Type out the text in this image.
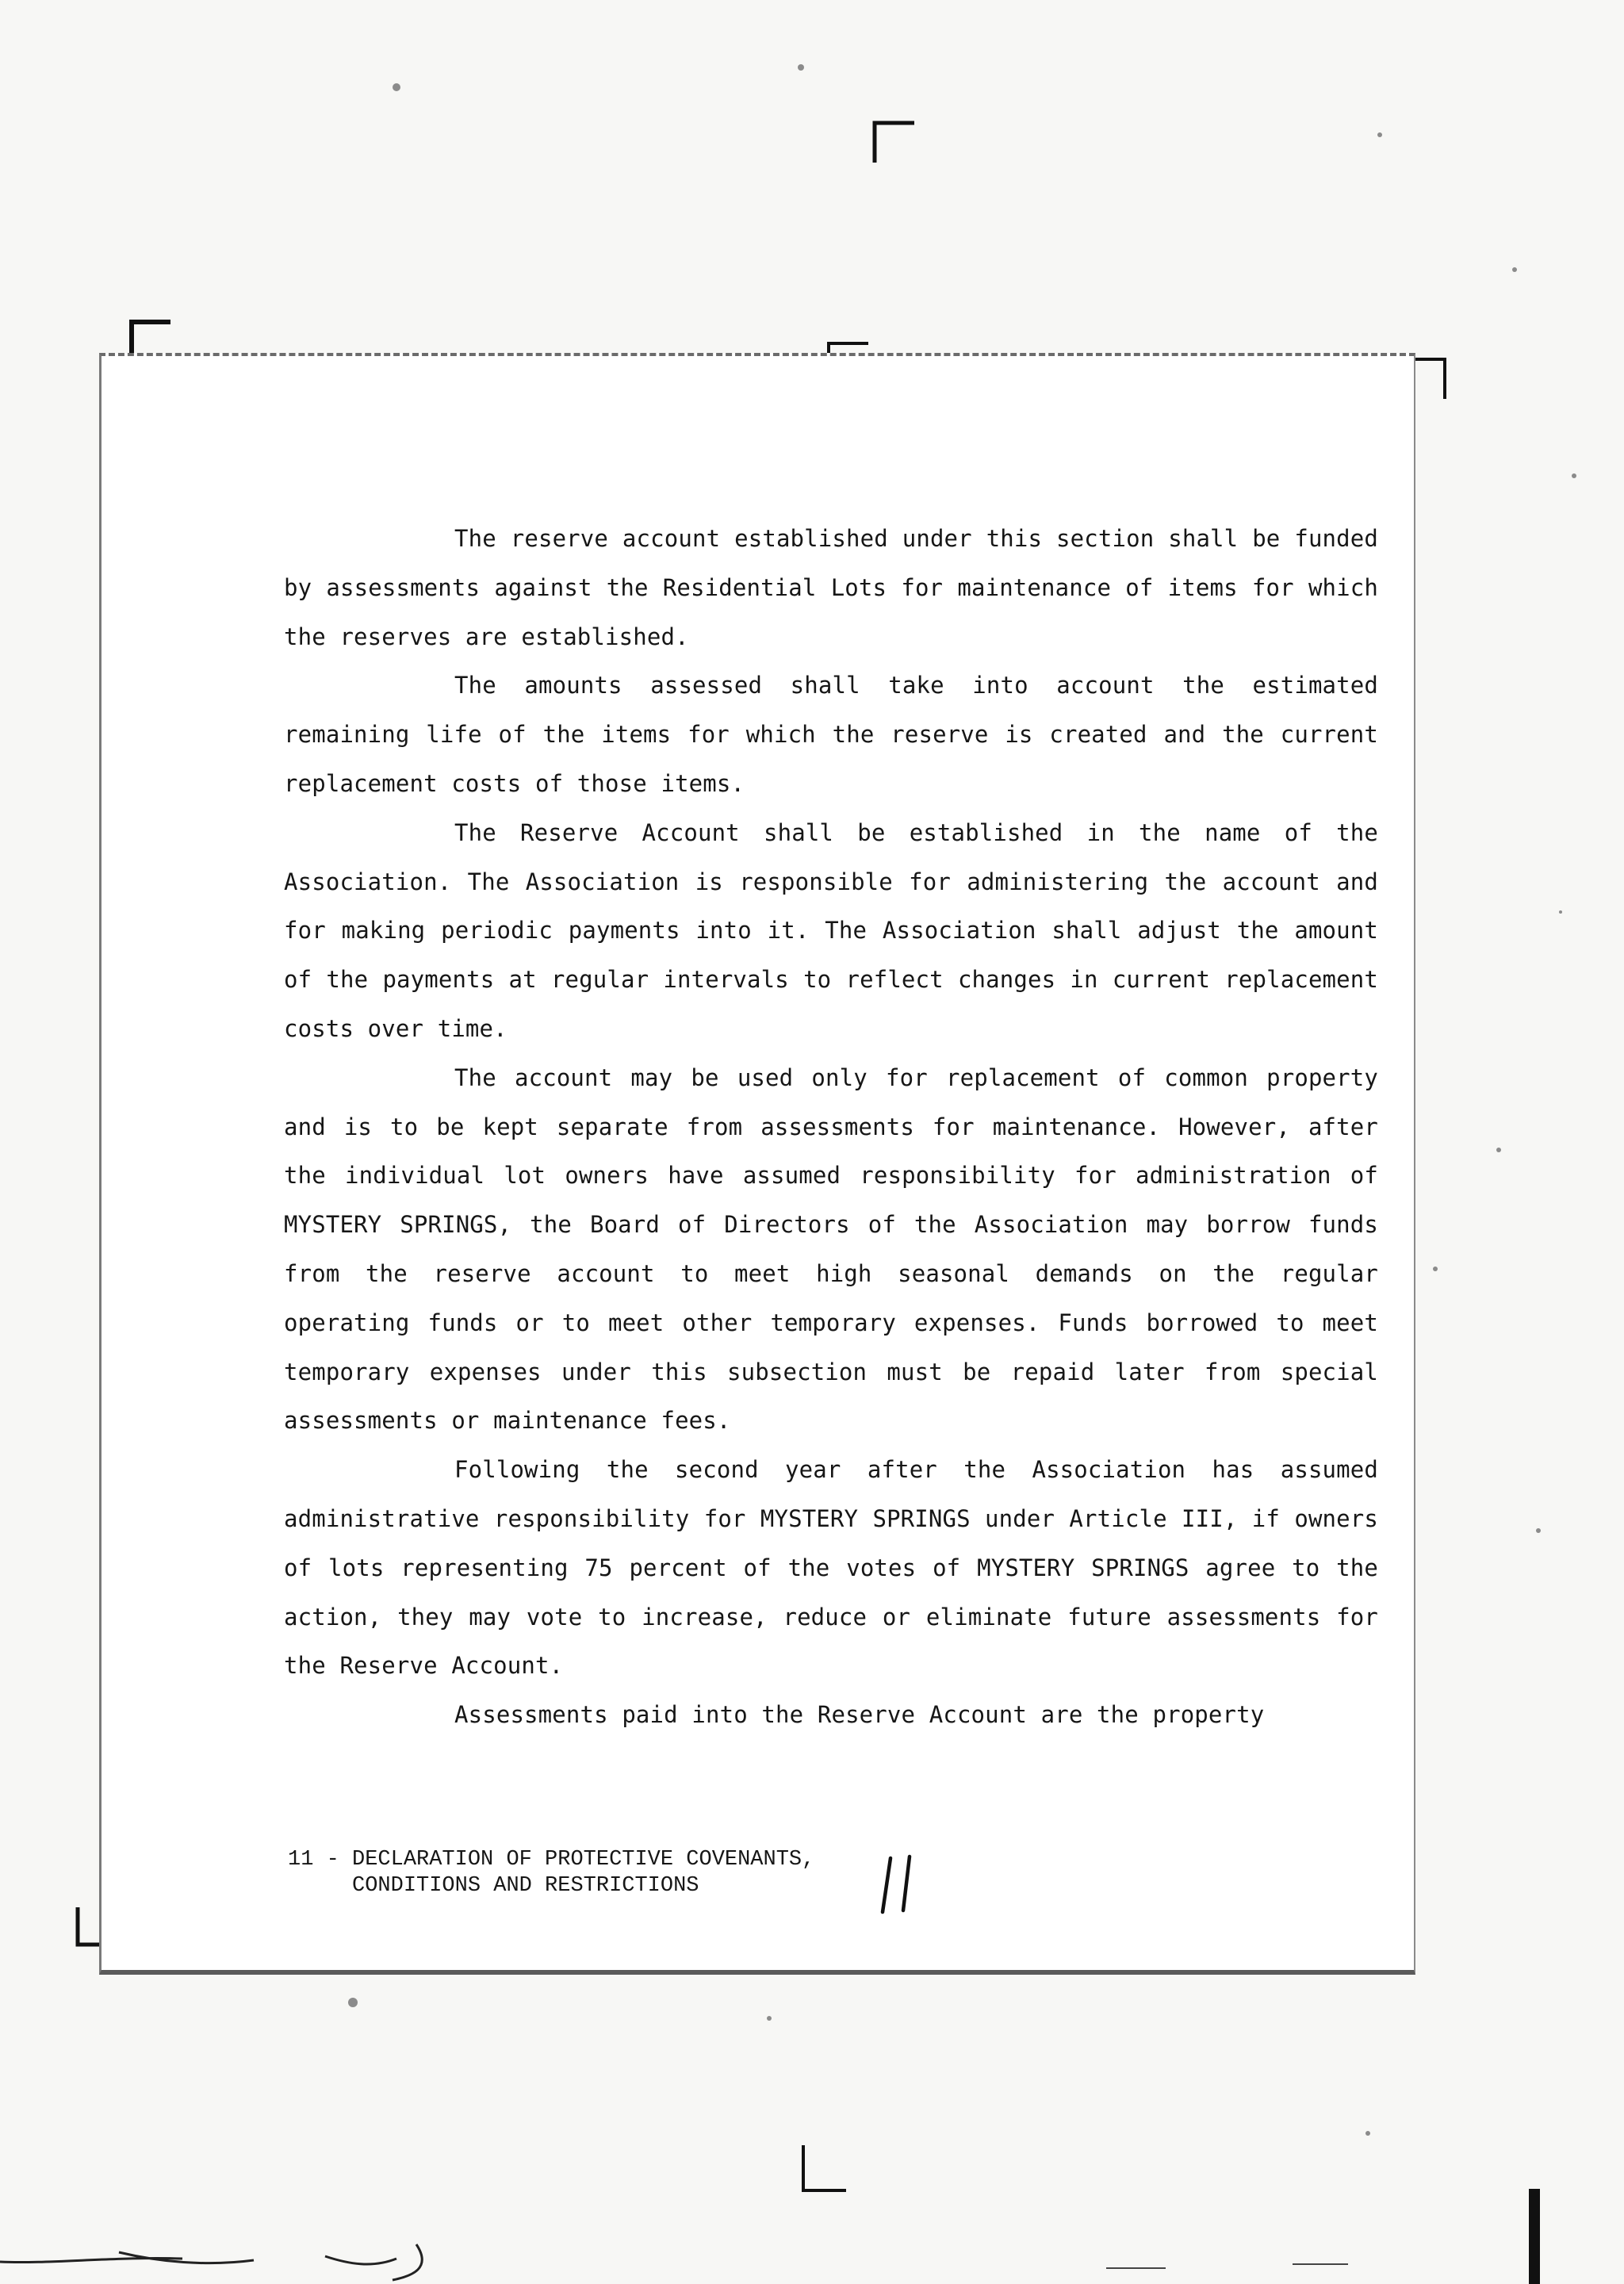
The reserve account established under this section shall be funded by assessments against the Residential Lots for maintenance of items for which the reserves are established.

The amounts assessed shall take into account the estimated remaining life of the items for which the reserve is created and the current replacement costs of those items.

The Reserve Account shall be established in the name of the Association. The Association is responsible for administering the account and for making periodic payments into it. The Association shall adjust the amount of the payments at regular intervals to reflect changes in current replacement costs over time.

The account may be used only for replacement of common property and is to be kept separate from assessments for maintenance. However, after the individual lot owners have assumed responsibility for administration of MYSTERY SPRINGS, the Board of Directors of the Association may borrow funds from the reserve account to meet high seasonal demands on the regular operating funds or to meet other temporary expenses. Funds borrowed to meet temporary expenses under this subsection must be repaid later from special assessments or maintenance fees.

Following the second year after the Association has assumed administrative responsibility for MYSTERY SPRINGS under Article III, if owners of lots representing 75 percent of the votes of MYSTERY SPRINGS agree to the action, they may vote to increase, reduce or eliminate future assessments for the Reserve Account.

Assessments paid into the Reserve Account are the property

11 - DECLARATION OF PROTECTIVE COVENANTS,
CONDITIONS AND RESTRICTIONS
